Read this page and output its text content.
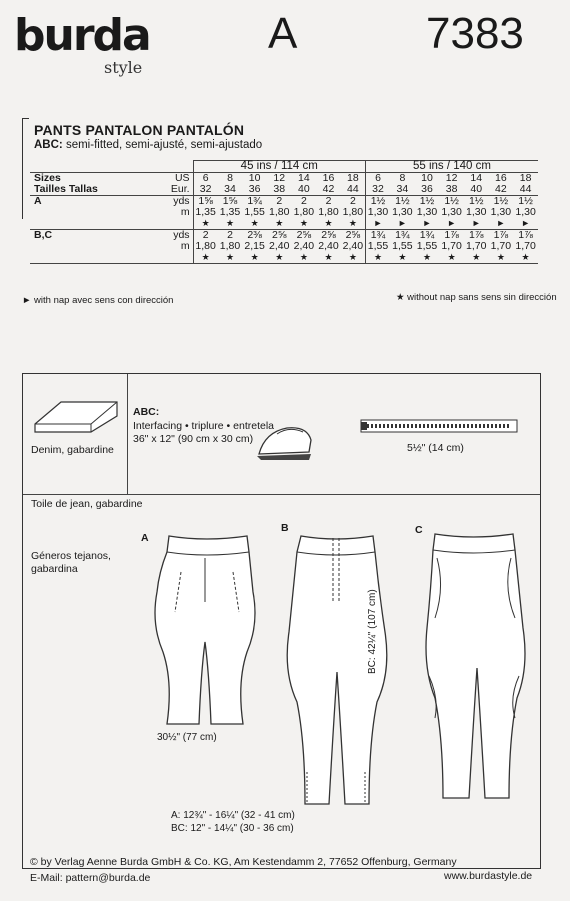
burda
style
A	7383
PANTS PANTALON PANTALÓN
ABC: semi-fitted, semi-ajusté, semi-ajustado
		45 ins / 114 cm							55 ins / 140 cm						
Sizes	US	6	8	10	12	14	16	18	6	8	10	12	14	16	18
Tailles Tallas	Eur.	32	34	36	38	40	42	44	32	34	36	38	40	42	44
A	yds	1⅝	1⅝	1¾	2	2	2	2	1½	1½	1½	1½	1½	1½	1½
	m	1,35	1,35	1,55	1,80	1,80	1,80	1,80	1,30	1,30	1,30	1,30	1,30	1,30	1,30
		★	★	★	★	★	★	★	►	►	►	►	►	►	►
B,C	yds	2	2	2⅜	2⅝	2⅝	2⅝	2⅝	1¾	1¾	1¾	1⅞	1⅞	1⅞	1⅞
	m	1,80	1,80	2,15	2,40	2,40	2,40	2,40	1,55	1,55	1,55	1,70	1,70	1,70	1,70
		★	★	★	★	★	★	★	★	★	★	★	★	★	★

► with nap avec sens con dirección	★ without nap sans sens sin dirección
Denim, gabardine
Toile de jean, gabardine
Géneros tejanos, gabardina
ABC:
Interfacing • triplure • entretela
36" x 12" (90 cm x 30 cm)
5½" (14 cm)
A
B	C
30½" (77 cm)
A: 12¾" - 16¼" (32 - 41 cm)
BC: 12" - 14¼" (30 - 36 cm)
BC: 42¼" (107 cm)
© by Verlag Aenne Burda GmbH & Co. KG, Am Kestendamm 2, 77652 Offenburg, Germany
E-Mail: pattern@burda.de	www.burdastyle.de
